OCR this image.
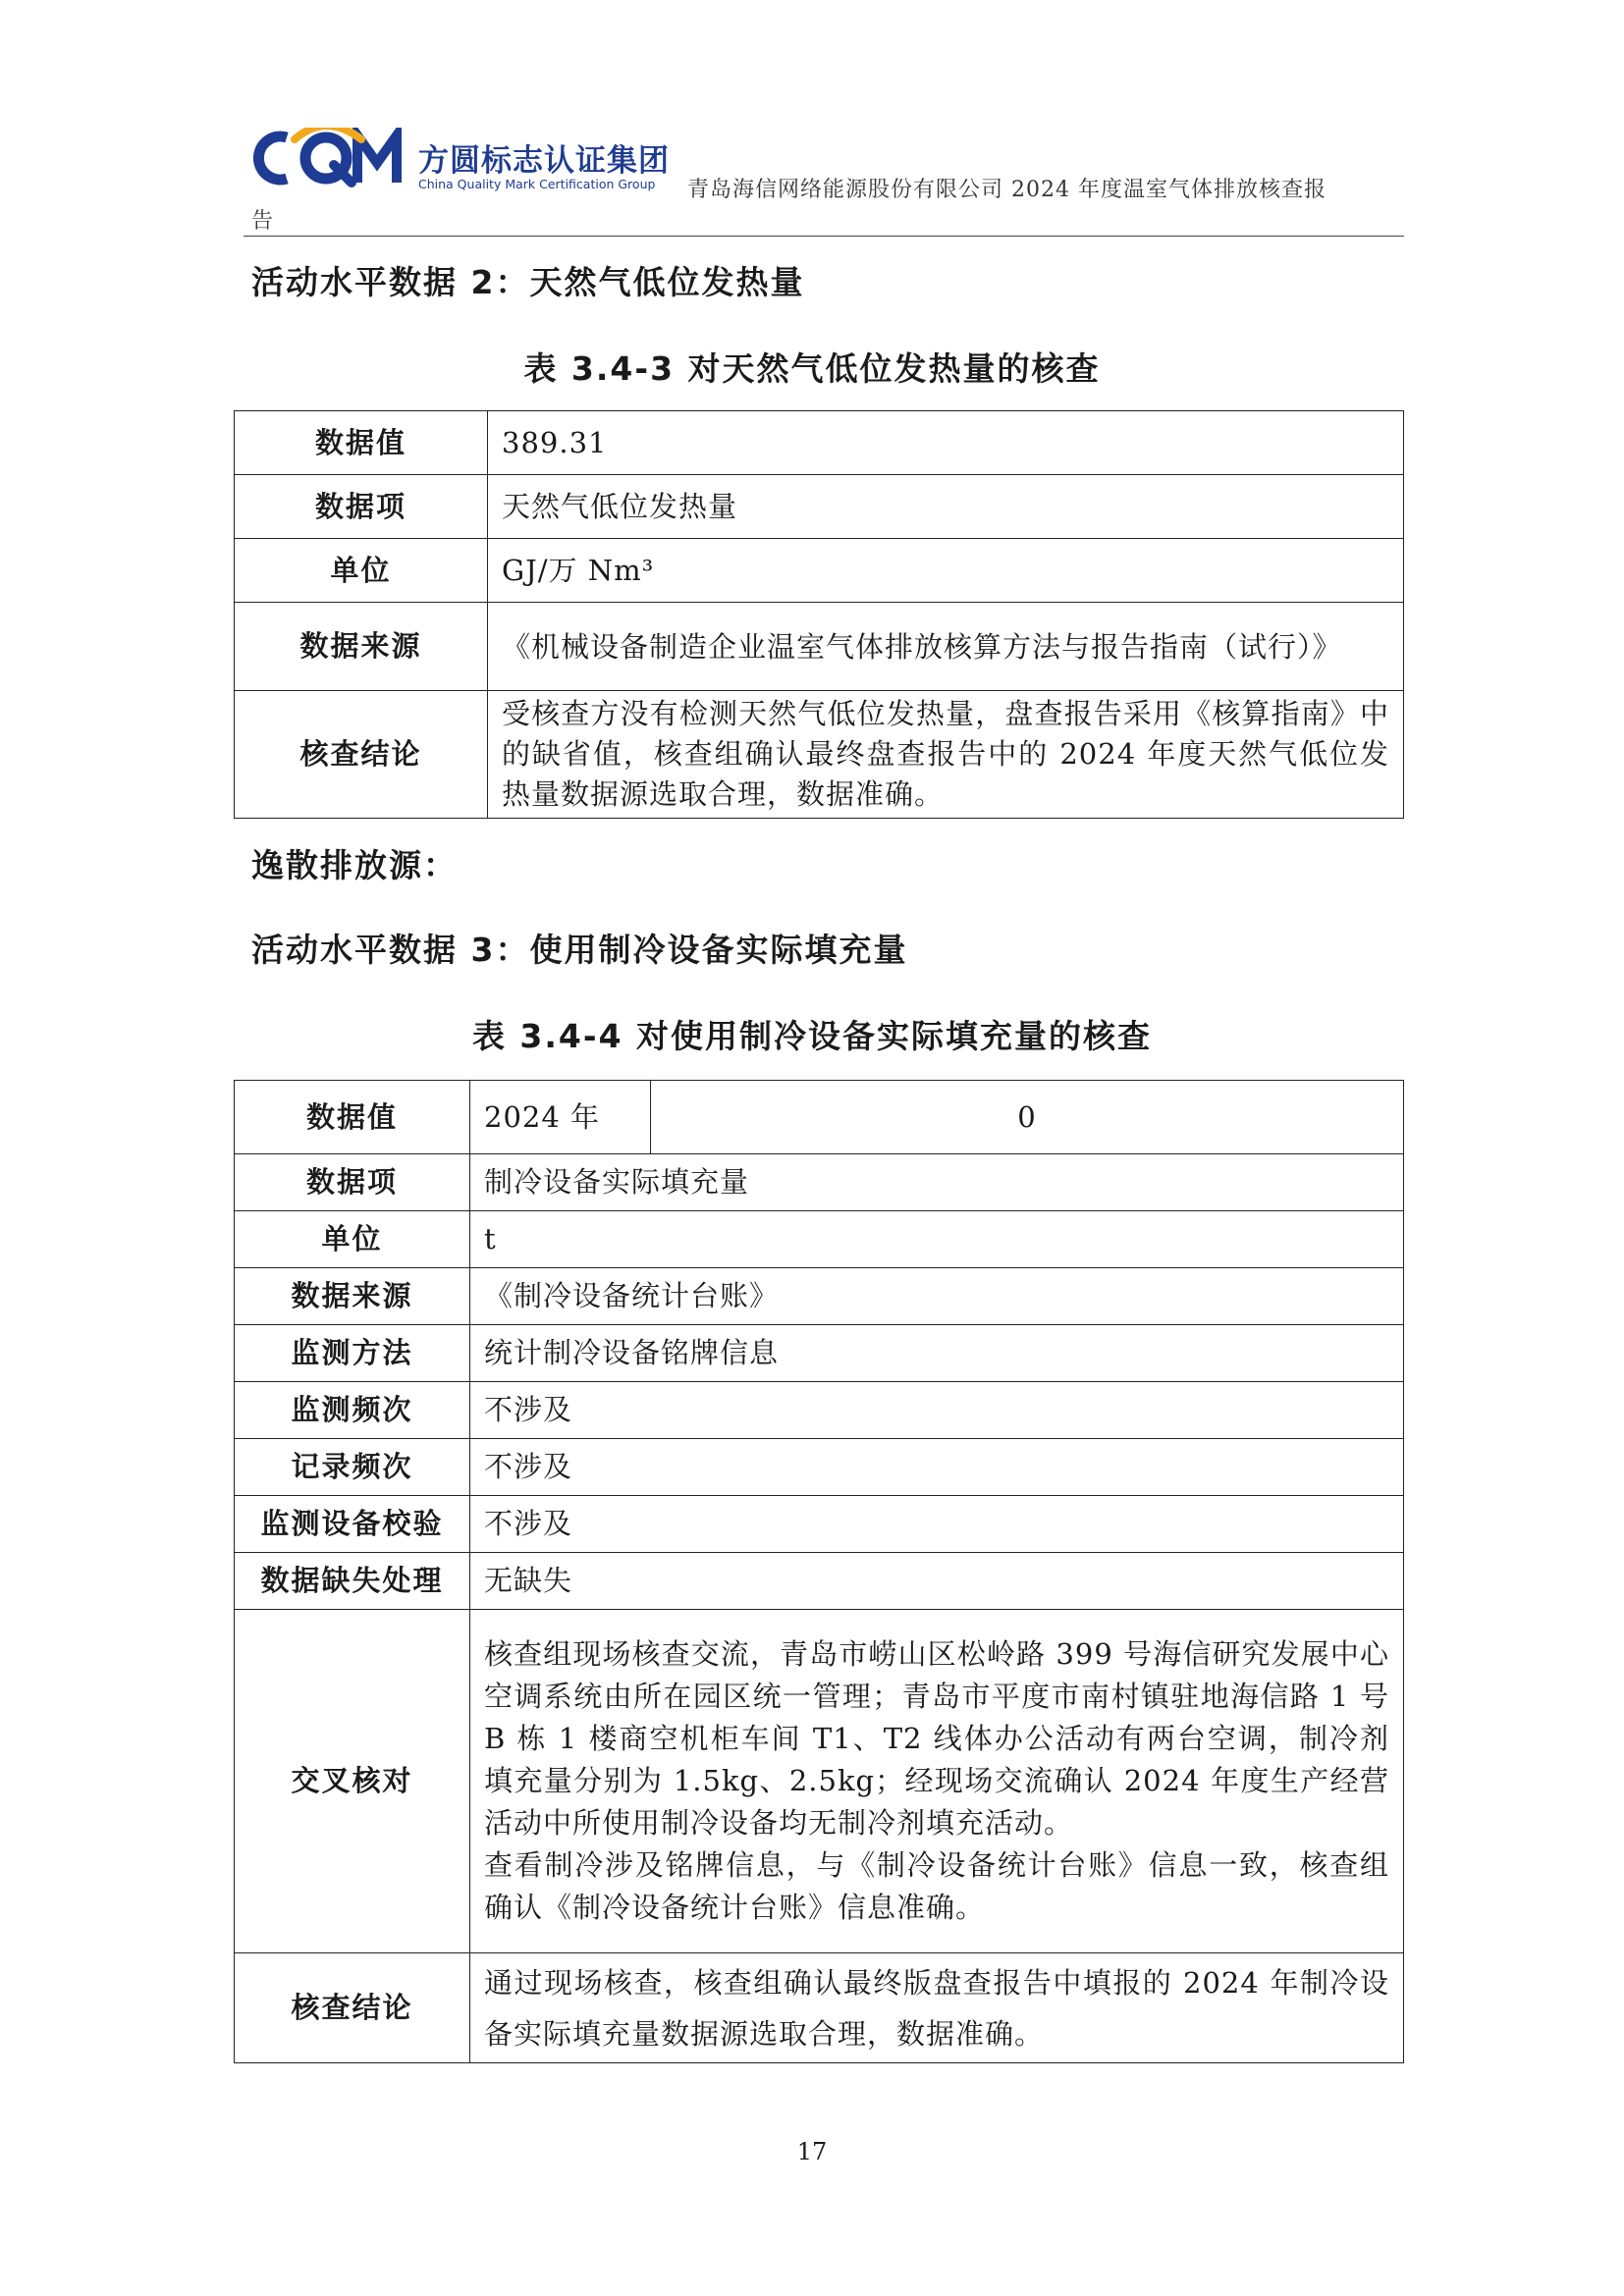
方圆标志认证集团
China Quality Mark Certification Group 青岛海信网络能源股份有限公司 2024 年度温室气体排放核查报
告
活动水平数据 2：天然气低位发热量
表 3.4-3 对天然气低位发热量的核查
数据值	389.31
数据项	天然气低位发热量
单位	GJ/万 Nm³
数据来源	《机械设备制造企业温室气体排放核算方法与报告指南（试行）》
核查结论	受核查方没有检测天然气低位发热量，盘查报告采用《核算指南》中的缺省值，核查组确认最终盘查报告中的 2024 年度天然气低位发热量数据源选取合理，数据准确。
逸散排放源：
活动水平数据 3：使用制冷设备实际填充量
表 3.4-4 对使用制冷设备实际填充量的核查
数据值	2024 年	0
数据项	制冷设备实际填充量	
单位	t	
数据来源	《制冷设备统计台账》	
监测方法	统计制冷设备铭牌信息	
监测频次	不涉及	
记录频次	不涉及	
监测设备校验	不涉及	
数据缺失处理	无缺失	
交叉核对	核查组现场核查交流，青岛市崂山区松岭路 399 号海信研究发展中心空调系统由所在园区统一管理；青岛市平度市南村镇驻地海信路 1 号 B 栋 1 楼商空机柜车间 T1、T2 线体办公活动有两台空调，制冷剂填充量分别为 1.5kg、2.5kg；经现场交流确认 2024 年度生产经营活动中所使用制冷设备均无制冷剂填充活动。
查看制冷涉及铭牌信息，与《制冷设备统计台账》信息一致，核查组确认《制冷设备统计台账》信息准确。	

核查结论	通过现场核查，核查组确认最终版盘查报告中填报的 2024 年制冷设备实际填充量数据源选取合理，数据准确。	
17
